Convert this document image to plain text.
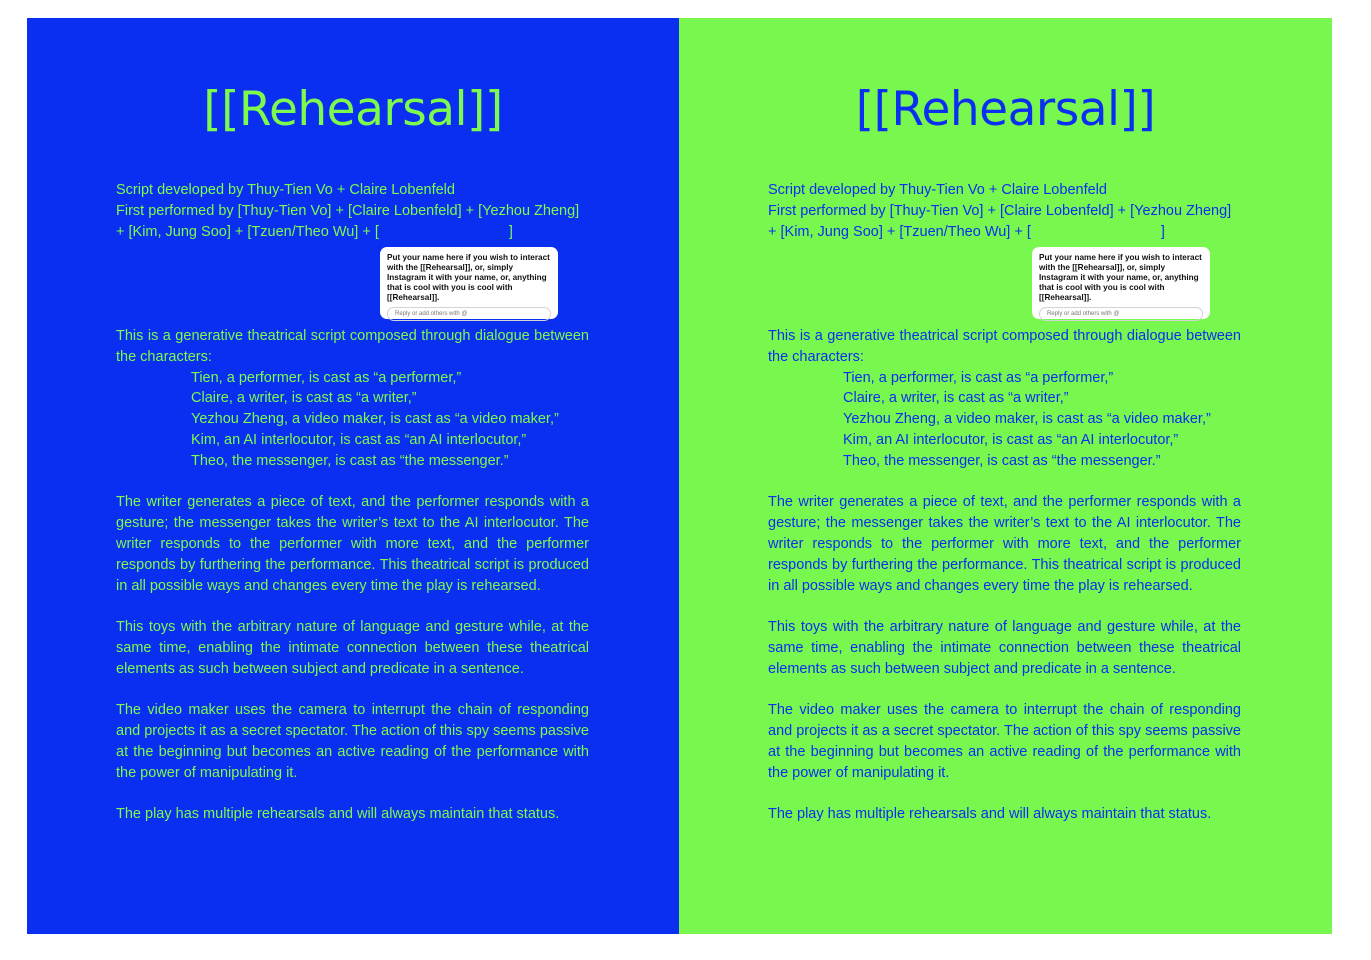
[[Rehearsal]]
Script developed by Thuy-Tien Vo + Claire Lobenfeld
First performed by [Thuy-Tien Vo] + [Claire Lobenfeld] + [Yezhou Zheng]
+ [Kim, Jung Soo] + [Tzuen/Theo Wu] + [	]
Put your name here if you wish to interact with the [[Rehearsal]], or, simply Instagram it with your name, or, anything that is cool with you is cool with [[Rehearsal]].
Reply or add others with @

This is a generative theatrical script composed through dialogue between the characters:

Tien, a performer, is cast as “a performer,”
Claire, a writer, is cast as “a writer,”
Yezhou Zheng, a video maker, is cast as “a video maker,”
Kim, an AI interlocutor, is cast as “an AI interlocutor,”
Theo, the messenger, is cast as “the messenger.”

The writer generates a piece of text, and the performer responds with a gesture; the messenger takes the writer’s text to the AI interlocutor. The writer responds to the performer with more text, and the performer responds by furthering the performance. This theatrical script is produced in all possible ways and changes every time the play is rehearsed.

This toys with the arbitrary nature of language and gesture while, at the same time, enabling the intimate connection between these theatrical elements as such between subject and predicate in a sentence.

The video maker uses the camera to interrupt the chain of responding and projects it as a secret spectator. The action of this spy seems passive at the beginning but becomes an active reading of the performance with the power of manipulating it.

The play has multiple rehearsals and will always maintain that status.

[[Rehearsal]]
Script developed by Thuy-Tien Vo + Claire Lobenfeld
First performed by [Thuy-Tien Vo] + [Claire Lobenfeld] + [Yezhou Zheng]
+ [Kim, Jung Soo] + [Tzuen/Theo Wu] + [	]
Put your name here if you wish to interact with the [[Rehearsal]], or, simply Instagram it with your name, or, anything that is cool with you is cool with [[Rehearsal]].
Reply or add others with @

This is a generative theatrical script composed through dialogue between the characters:

Tien, a performer, is cast as “a performer,”
Claire, a writer, is cast as “a writer,”
Yezhou Zheng, a video maker, is cast as “a video maker,”
Kim, an AI interlocutor, is cast as “an AI interlocutor,”
Theo, the messenger, is cast as “the messenger.”

The writer generates a piece of text, and the performer responds with a gesture; the messenger takes the writer’s text to the AI interlocutor. The writer responds to the performer with more text, and the performer responds by furthering the performance. This theatrical script is produced in all possible ways and changes every time the play is rehearsed.

This toys with the arbitrary nature of language and gesture while, at the same time, enabling the intimate connection between these theatrical elements as such between subject and predicate in a sentence.

The video maker uses the camera to interrupt the chain of responding and projects it as a secret spectator. The action of this spy seems passive at the beginning but becomes an active reading of the performance with the power of manipulating it.

The play has multiple rehearsals and will always maintain that status.
